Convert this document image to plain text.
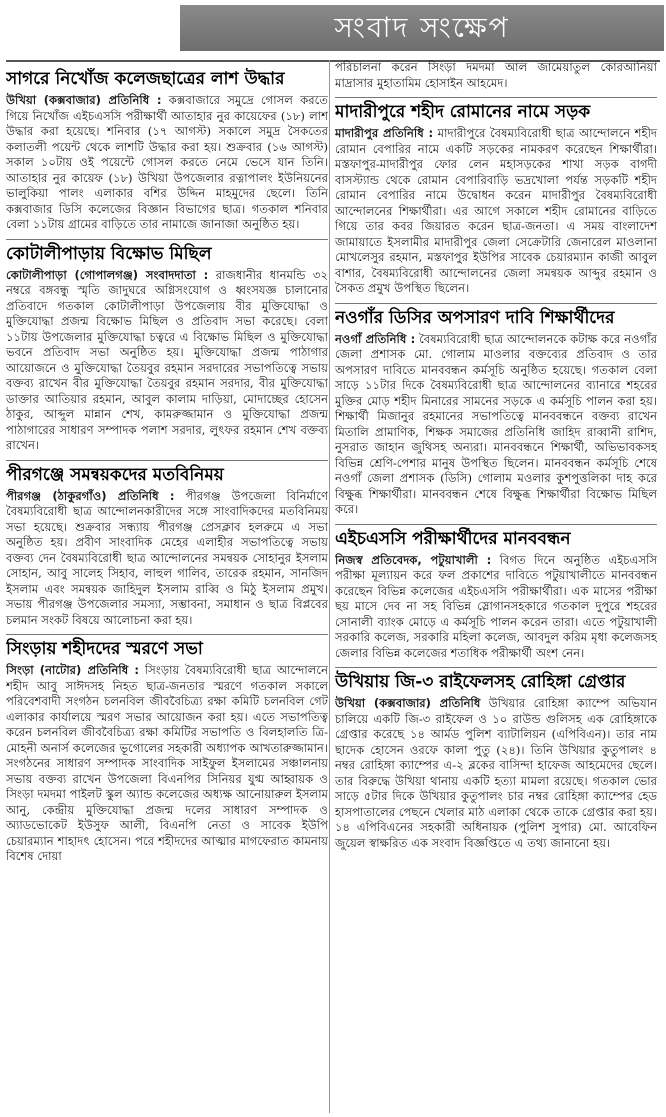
সংবাদ সংক্ষেপ
সাগরে নিখোঁজ কলেজছাত্রের লাশ উদ্ধার

উখিয়া (কক্সবাজার) প্রতিনিধি : কক্সবাজারে সমুদ্রে গোসল করতে গিয়ে নিখোঁজ এইচএসসি পরীক্ষার্থী আতাহার নুর কায়েফের (১৮) লাশ উদ্ধার করা হয়েছে। শনিবার (১৭ আগস্ট) সকালে সমুদ্র সৈকতের কলাতলী পয়েন্ট থেকে লাশটি উদ্ধার করা হয়। শুক্রবার (১৬ আগস্ট) সকাল ১০টায় ওই পয়েন্টে গোসল করতে নেমে ভেসে যান তিনি। আতাহার নুর কায়েফ (১৮) উখিয়া উপজেলার রত্নাপালং ইউনিয়নের ভালুকিয়া পালং এলাকার বশির উদ্দিন মাহমুদের ছেলে। তিনি কক্সবাজার ডিসি কলেজের বিজ্ঞান বিভাগের ছাত্র। গতকাল শনিবার বেলা ১১টায় গ্রামের বাড়িতে তার নামাজে জানাজা অনুষ্ঠিত হয়।

কোটালীপাড়ায় বিক্ষোভ মিছিল

কোটালীপাড়া (গোপালগঞ্জ) সংবাদদাতা : রাজধানীর ধানমন্ডি ৩২ নম্বরে বঙ্গবন্ধু স্মৃতি জাদুঘরে অগ্নিসংযোগ ও ধ্বংসযজ্ঞ চালানোর প্রতিবাদে গতকাল কোটালীপাড়া উপজেলায় বীর মুক্তিযোদ্ধা ও মুক্তিযোদ্ধা প্রজন্ম বিক্ষোভ মিছিল ও প্রতিবাদ সভা করেছে। বেলা ১১টায় উপজেলার মুক্তিযোদ্ধা চত্বরে এ বিক্ষোভ মিছিল ও মুক্তিযোদ্ধা ভবনে প্রতিবাদ সভা অনুষ্ঠিত হয়। মুক্তিযোদ্ধা প্রজন্ম পাঠাগার আয়োজনে ও মুক্তিযোদ্ধা তৈয়বুর রহমান সরদারের সভাপতিত্বে সভায় বক্তব্য রাখেন বীর মুক্তিযোদ্ধা তৈয়বুর রহমান সরদার, বীর মুক্তিযোদ্ধা ডাক্তার আতিয়ার রহমান, আবুল কালাম দাড়িয়া, মোদাচ্ছের হোসেন ঠাকুর, আব্দুল মান্নান শেখ, কামরুজ্জামান ও মুক্তিযোদ্ধা প্রজন্ম পাঠাগারের সাধারণ সম্পাদক পলাশ সরদার, লুৎফর রহমান শেখ বক্তব্য রাখেন।

পীরগঞ্জে সমন্বয়কদের মতবিনিময়

পীরগঞ্জ (ঠাকুরগাঁও) প্রতিনিধি : পীরগঞ্জ উপজেলা বিনির্মাণে বৈষম্যবিরোধী ছাত্র আন্দোলনকারীদের সঙ্গে সাংবাদিকদের মতবিনিময় সভা হয়েছে। শুক্রবার সন্ধ্যায় পীরগঞ্জ প্রেসক্লাব হলরুমে এ সভা অনুষ্ঠিত হয়। প্রবীণ সাংবাদিক মেহের এলাহীর সভাপতিত্বে সভায় বক্তব্য দেন বৈষম্যবিরোধী ছাত্র আন্দোলনের সমন্বয়ক সোহানুর ইসলাম সোহান, আবু সালেহ সিহাব, লাহুল গালিব, তারেক রহমান, সানজিদ ইসলাম এবং সমন্বয়ক জাহিদুল ইসলাম রাব্বি ও মিঠু ইসলাম প্রমুখ। সভায় পীরগঞ্জ উপজেলার সমস্যা, সম্ভাবনা, সমাধান ও ছাত্র বিপ্লবের চলমান সংকট বিষয়ে আলোচনা করা হয়।

সিংড়ায় শহীদদের স্মরণে সভা

সিংড়া (নাটোর) প্রতিনিধি : সিংড়ায় বৈষম্যবিরোধী ছাত্র আন্দোলনে শহীদ আবু সাঈদসহ নিহত ছাত্র-জনতার স্মরণে গতকাল সকালে পরিবেশবাদী সংগঠন চলনবিল জীববৈচিত্র্য রক্ষা কমিটি চলনবিল গেট এলাকার কার্যালয়ে স্মরণ সভার আয়োজন করা হয়। এতে সভাপতিত্ব করেন চলনবিল জীববৈচিত্র্য রক্ষা কমিটির সভাপতি ও বিলহালতি ত্রি-মোহনী অনার্স কলেজের ভূগোলের সহকারী অধ্যাপক আখতারুজ্জামান। সংগঠনের সাধারণ সম্পাদক সাংবাদিক সাইফুল ইসলামের সঞ্চালনায় সভায় বক্তব্য রাখেন উপজেলা বিএনপির সিনিয়র যুগ্ম আহ্বায়ক ও সিংড়া দমদমা পাইলট স্কুল অ্যান্ড কলেজের অধ্যক্ষ আনোয়ারুল ইসলাম আনু, কেন্দ্রীয় মুক্তিযোদ্ধা প্রজন্ম দলের সাধারণ সম্পাদক ও অ্যাডভোকেট ইউসুফ আলী, বিএনপি নেতা ও সাবেক ইউপি চেয়ারম্যান শাহাদৎ হোসেন। পরে শহীদদের আত্মার মাগফেরাত কামনায় বিশেষ দোয়া

পরিচালনা করেন সিংড়া দমদমা আল জামেয়াতুল কোরআনিয়া মাদ্রাসার মুহাতামিম হোসাইন আহমেদ।

মাদারীপুরে শহীদ রোমানের নামে সড়ক

মাদারীপুর প্রতিনিধি : মাদারীপুরে বৈষম্যবিরোধী ছাত্র আন্দোলনে শহীদ রোমান বেপারির নামে একটি সড়কের নামকরণ করেছেন শিক্ষার্থীরা। মস্তফাপুর-মাদারীপুর ফোর লেন মহাসড়কের শাখা সড়ক বাগদী বাসস্ট্যান্ড থেকে রোমান বেপারিবাড়ি ভদ্রখোলা পর্যন্ত সড়কটি শহীদ রোমান বেপারির নামে উদ্বোধন করেন মাদারীপুর বৈষম্যবিরোধী আন্দোলনের শিক্ষার্থীরা। এর আগে সকালে শহীদ রোমানের বাড়িতে গিয়ে তার কবর জিয়ারত করেন ছাত্র-জনতা। এ সময় বাংলাদেশ জামায়াতে ইসলামীর মাদারীপুর জেলা সেক্রেটারি জেনারেল মাওলানা মোখলেসুর রহমান, মস্তফাপুর ইউপির সাবেক চেয়ারম্যান কাজী আবুল বাশার, বৈষম্যবিরোধী আন্দোলনের জেলা সমন্বয়ক আব্দুর রহমান ও সৈকত প্রমুখ উপস্থিত ছিলেন।

নওগাঁর ডিসির অপসারণ দাবি শিক্ষার্থীদের

নওগাঁ প্রতিনিধি : বৈষম্যবিরোধী ছাত্র আন্দোলনকে কটাক্ষ করে নওগাঁর জেলা প্রশাসক মো. গোলাম মাওলার বক্তব্যের প্রতিবাদ ও তার অপসারণ দাবিতে মানববন্ধন কর্মসূচি অনুষ্ঠিত হয়েছে। গতকাল বেলা সাড়ে ১১টার দিকে বৈষম্যবিরোধী ছাত্র আন্দোলনের ব্যানারে শহরের মুক্তির মোড় শহীদ মিনারের সামনের সড়কে এ কর্মসূচি পালন করা হয়। শিক্ষার্থী মিজানুর রহমানের সভাপতিত্বে মানববন্ধনে বক্তব্য রাখেন মিতালি প্রামাণিক, শিক্ষক সমাজের প্রতিনিধি জাহিদ রাব্বানী রাশিদ, নুসরাত জাহান জুথিসহ অন্যরা। মানববন্ধনে শিক্ষার্থী, অভিভাবকসহ বিভিন্ন শ্রেণি-পেশার মানুষ উপস্থিত ছিলেন। মানববন্ধন কর্মসূচি শেষে নওগাঁ জেলা প্রশাসক (ডিসি) গোলাম মওলার কুশপুত্তলিকা দাহ করে বিক্ষুব্ধ শিক্ষার্থীরা। মানববন্ধন শেষে বিক্ষুব্ধ শিক্ষার্থীরা বিক্ষোভ মিছিল করে।

এইচএসসি পরীক্ষার্থীদের মানববন্ধন

নিজস্ব প্রতিবেদক, পটুয়াখালী : বিগত দিনে অনুষ্ঠিত এইচএসসি পরীক্ষা মূল্যায়ন করে ফল প্রকাশের দাবিতে পটুয়াখালীতে মানববন্ধন করেছেন বিভিন্ন কলেজের এইচএসসি পরীক্ষার্থীরা। এক মাসের পরীক্ষা ছয় মাসে দেব না সহ বিভিন্ন স্লোগানসহকারে গতকাল দুপুরে শহরের সোনালী ব্যাংক মোড়ে এ কর্মসূচি পালন করেন তারা। এতে পটুয়াখালী সরকারি কলেজ, সরকারি মহিলা কলেজ, আবদুল করিম মৃধা কলেজসহ জেলার বিভিন্ন কলেজের শতাধিক পরীক্ষার্থী অংশ নেন।

উখিয়ায় জি-৩ রাইফেলসহ রোহিঙ্গা গ্রেপ্তার

উখিয়া (কক্সবাজার) প্রতিনিধি উখিয়ার রোহিঙ্গা ক্যাম্পে অভিযান চালিয়ে একটি জি-৩ রাইফেল ও ১০ রাউন্ড গুলিসহ এক রোহিঙ্গাকে গ্রেপ্তার করেছে ১৪ আর্মড পুলিশ ব্যাটালিয়ন (এপিবিএন)। তার নাম ছাদেক হোসেন ওরফে কালা পুতু (২৪)। তিনি উখিয়ার কুতুপালং ৪ নম্বর রোহিঙ্গা ক্যাম্পের এ-২ ব্লকের বাসিন্দা হাফেজ আহমেদের ছেলে। তার বিরুদ্ধে উখিয়া থানায় একটি হত্যা মামলা রয়েছে। গতকাল ভোর সাড়ে ৫টার দিকে উখিয়ার কুতুপালং চার নম্বর রোহিঙ্গা ক্যাম্পের হেড হাসপাতালের পেছনে খেলার মাঠ এলাকা থেকে তাকে গ্রেপ্তার করা হয়। ১৪ এপিবিএনের সহকারী অধিনায়ক (পুলিশ সুপার) মো. আবেফিন জুয়েল স্বাক্ষরিত এক সংবাদ বিজ্ঞপ্তিতে এ তথ্য জানানো হয়।
